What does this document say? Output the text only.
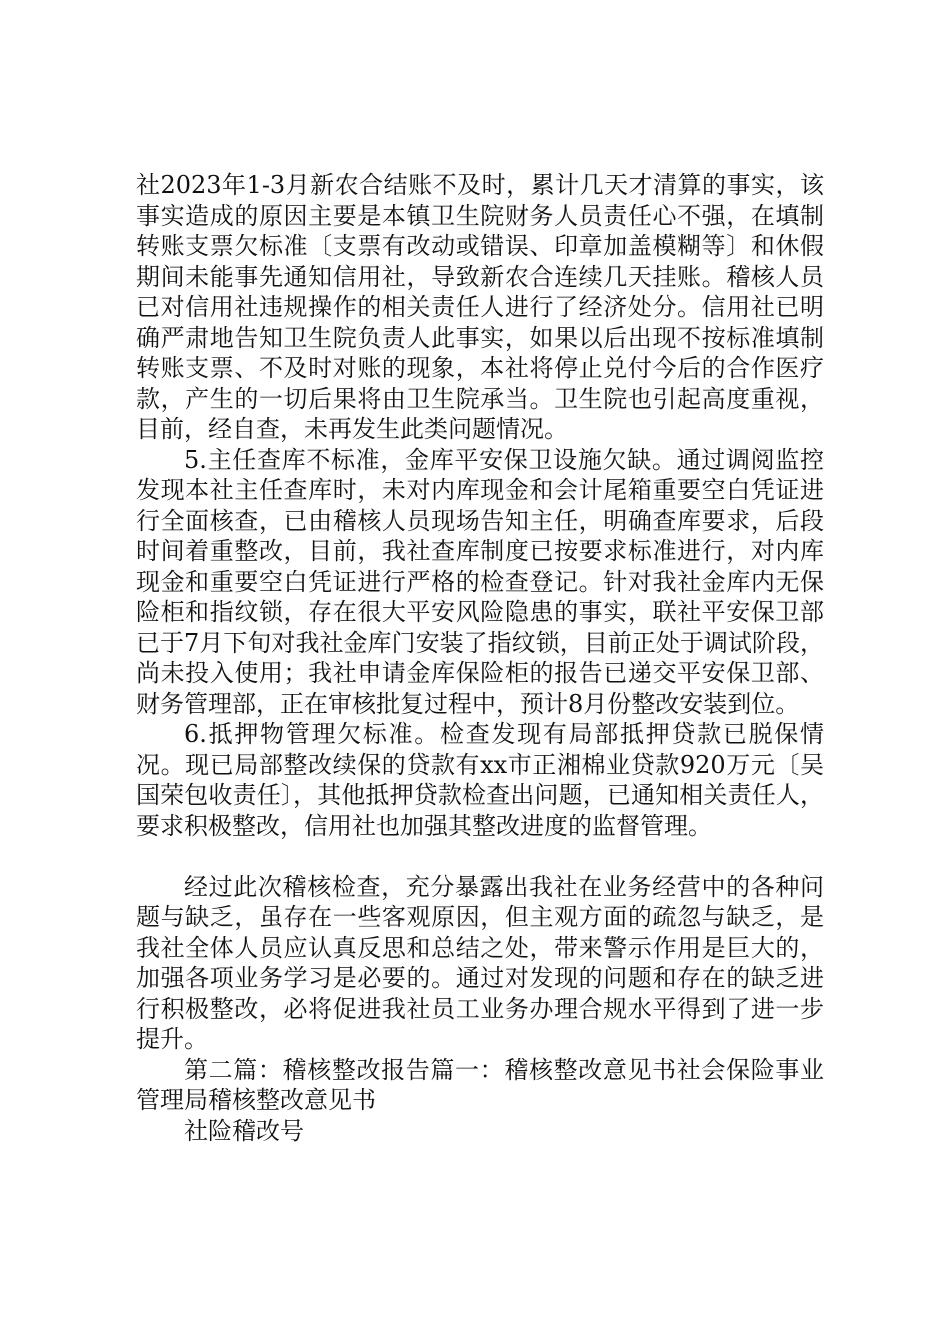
社2023年1-3月新农合结账不及时，累计几天才清算的事实，该事实造成的原因主要是本镇卫生院财务人员责任心不强，在填制转账支票欠标准〔支票有改动或错误、印章加盖模糊等〕和休假期间未能事先通知信用社，导致新农合连续几天挂账。稽核人员已对信用社违规操作的相关责任人进行了经济处分。信用社已明确严肃地告知卫生院负责人此事实，如果以后出现不按标准填制转账支票、不及时对账的现象，本社将停止兑付今后的合作医疗款，产生的一切后果将由卫生院承当。卫生院也引起高度重视，目前，经自查，未再发生此类问题情况。

5.主任查库不标准，金库平安保卫设施欠缺。通过调阅监控发现本社主任查库时，未对内库现金和会计尾箱重要空白凭证进行全面核查，已由稽核人员现场告知主任，明确查库要求，后段时间着重整改，目前，我社查库制度已按要求标准进行，对内库现金和重要空白凭证进行严格的检查登记。针对我社金库内无保险柜和指纹锁，存在很大平安风险隐患的事实，联社平安保卫部已于7月下旬对我社金库门安装了指纹锁，目前正处于调试阶段，尚未投入使用；我社申请金库保险柜的报告已递交平安保卫部、财务管理部，正在审核批复过程中，预计8月份整改安装到位。

6.抵押物管理欠标准。检查发现有局部抵押贷款已脱保情况。现已局部整改续保的贷款有xx市正湘棉业贷款920万元〔吴国荣包收责任〕，其他抵押贷款检查出问题，已通知相关责任人，要求积极整改，信用社也加强其整改进度的监督管理。

经过此次稽核检查，充分暴露出我社在业务经营中的各种问题与缺乏，虽存在一些客观原因，但主观方面的疏忽与缺乏，是我社全体人员应认真反思和总结之处，带来警示作用是巨大的，加强各项业务学习是必要的。通过对发现的问题和存在的缺乏进行积极整改，必将促进我社员工业务办理合规水平得到了进一步提升。

第二篇：稽核整改报告篇一：稽核整改意见书社会保险事业管理局稽核整改意见书

社险稽改号
